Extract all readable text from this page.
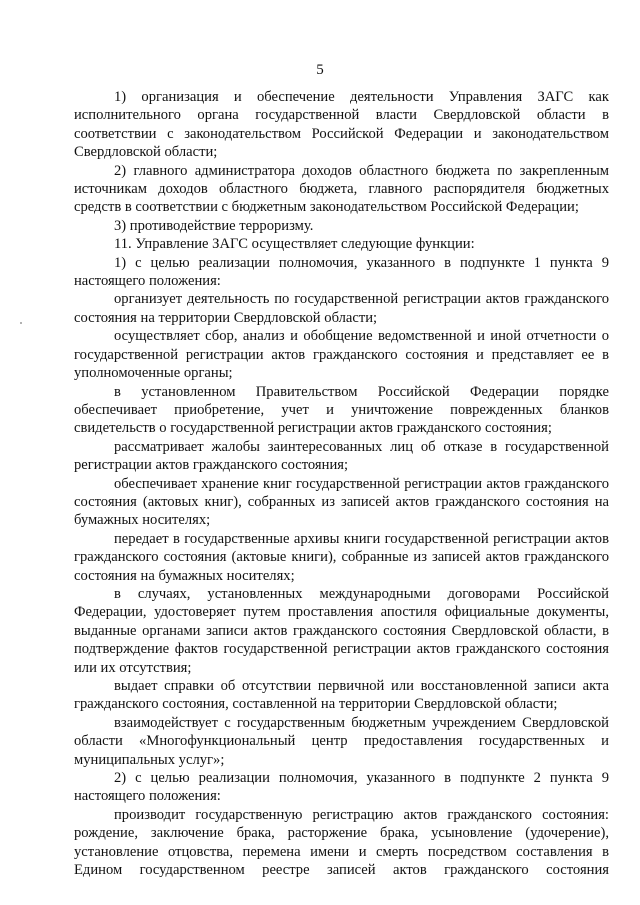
5

1) организация и обеспечение деятельности Управления ЗАГС как исполнительного органа государственной власти Свердловской области в соответствии с законодательством Российской Федерации и законодательством Свердловской области;

2) главного администратора доходов областного бюджета по закрепленным источникам доходов областного бюджета, главного распорядителя бюджетных средств в соответствии с бюджетным законодательством Российской Федерации;

3) противодействие терроризму.

11. Управление ЗАГС осуществляет следующие функции:

1) с целью реализации полномочия, указанного в подпункте 1 пункта 9 настоящего положения:

организует деятельность по государственной регистрации актов гражданского состояния на территории Свердловской области;

осуществляет сбор, анализ и обобщение ведомственной и иной отчетности о государственной регистрации актов гражданского состояния и представляет ее в уполномоченные органы;

в установленном Правительством Российской Федерации порядке обеспечивает приобретение, учет и уничтожение поврежденных бланков свидетельств о государственной регистрации актов гражданского состояния;

рассматривает жалобы заинтересованных лиц об отказе в государственной регистрации актов гражданского состояния;

обеспечивает хранение книг государственной регистрации актов гражданского состояния (актовых книг), собранных из записей актов гражданского состояния на бумажных носителях;

передает в государственные архивы книги государственной регистрации актов гражданского состояния (актовые книги), собранные из записей актов гражданского состояния на бумажных носителях;

в случаях, установленных международными договорами Российской Федерации, удостоверяет путем проставления апостиля официальные документы, выданные органами записи актов гражданского состояния Свердловской области, в подтверждение фактов государственной регистрации актов гражданского состояния или их отсутствия;

выдает справки об отсутствии первичной или восстановленной записи акта гражданского состояния, составленной на территории Свердловской области;

взаимодействует с государственным бюджетным учреждением Свердловской области «Многофункциональный центр предоставления государственных и муниципальных услуг»;

2) с целью реализации полномочия, указанного в подпункте 2 пункта 9 настоящего положения:

производит государственную регистрацию актов гражданского состояния: рождение, заключение брака, расторжение брака, усыновление (удочерение), установление отцовства, перемена имени и смерть посредством составления в Едином государственном реестре записей актов гражданского состояния
